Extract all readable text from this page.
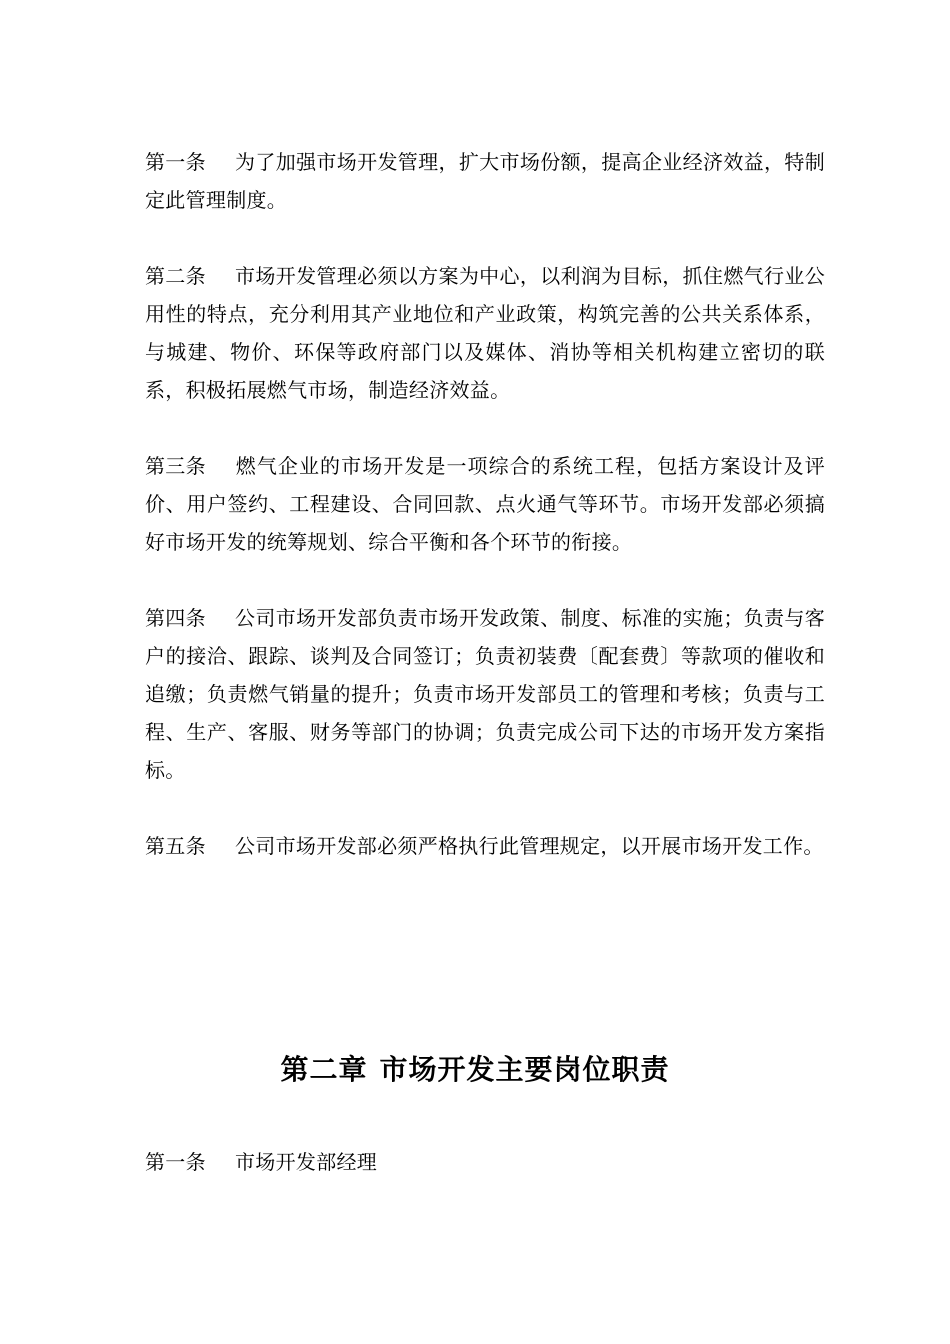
第一条 为了加强市场开发管理，扩大市场份额，提高企业经济效益，特制定此管理制度。

第二条 市场开发管理必须以方案为中心，以利润为目标，抓住燃气行业公用性的特点，充分利用其产业地位和产业政策，构筑完善的公共关系体系，与城建、物价、环保等政府部门以及媒体、消协等相关机构建立密切的联系，积极拓展燃气市场，制造经济效益。

第三条 燃气企业的市场开发是一项综合的系统工程，包括方案设计及评价、用户签约、工程建设、合同回款、点火通气等环节。市场开发部必须搞好市场开发的统筹规划、综合平衡和各个环节的衔接。

第四条 公司市场开发部负责市场开发政策、制度、标准的实施；负责与客户的接洽、跟踪、谈判及合同签订；负责初装费〔配套费〕等款项的催收和追缴；负责燃气销量的提升；负责市场开发部员工的管理和考核；负责与工程、生产、客服、财务等部门的协调；负责完成公司下达的市场开发方案指标。

第五条 公司市场开发部必须严格执行此管理规定，以开展市场开发工作。

第二章 市场开发主要岗位职责
第一条 市场开发部经理
